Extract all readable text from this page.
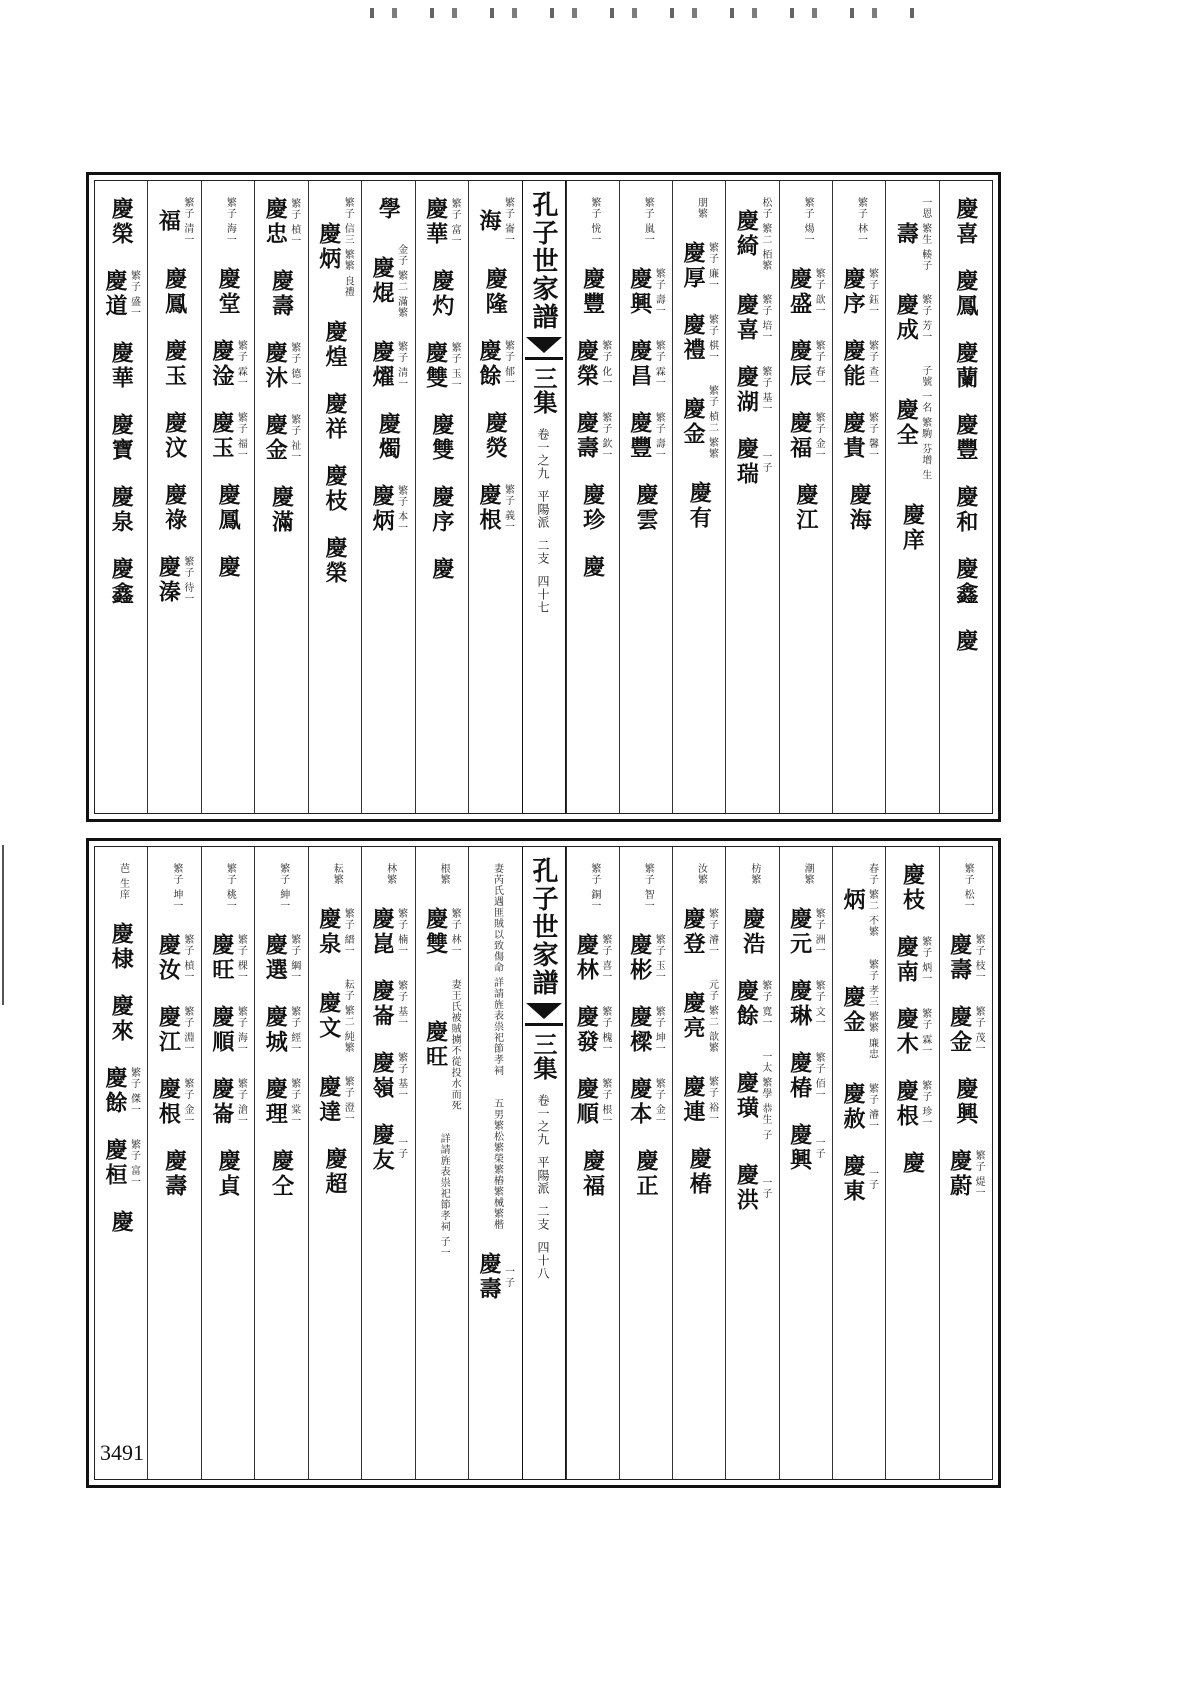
慶喜
慶鳳
慶蘭
慶豐
慶和
慶鑫
慶
壽 一恩 繁生 輳子
慶成 繁子 芳一
慶全 子號 一名 繁駒 芬增 生
慶庠
繁子 林一
慶序 繁子 鈺一
慶能 繁子 查一
慶貴 繁子 馨一
慶海
繁子 煬一
慶盛 繁子 歆一
慶辰 繁子 春一
慶福 繁子 金一
慶江
慶綺 松子 繁二 栢繁
慶喜 繁子 培一
慶湖 繁子 基一
慶瑞 一子
朋繁
慶厚 繁子 廉一
慶禮 繁子 棋一
慶金 繁子 楨二 繁繁
慶有
繁子 嵐一
慶興 繁子 壽一
慶昌 繁子 霖一
慶豐 繁子 壽一
慶雲
繁子 恱一
慶豐
慶榮 繁子 化一
慶壽 繁子 欽一
慶珍
慶
孔子世家譜
三集
卷一之九平陽派二支四十七
海 繁子 崙一
慶隆
慶餘 繁子 郁一
慶熒
慶根 繁子 義一
慶華 繁子 富一
慶灼
慶雙 繁子 玉一
慶雙
慶序
慶
學
慶焜 金子 繁二 滿繁
慶燿 繁子 清一
慶燭
慶炳 繁子 本一
慶炳 繁子 信三 繁繁 良禮
慶煌
慶祥
慶枝
慶榮
慶忠 繁子 楨一
慶壽
慶沐 繁子 德一
慶金 繁子 祉一
慶滿
繁子 海一
慶堂
慶淦 繁子 霖一
慶玉 繁子 福一
慶鳳
慶
福 繁子 清一
慶鳳
慶玉
慶汶
慶祿
慶溱 繁子 待一
慶榮
慶道 繁子 盛一
慶華
慶寶
慶泉
慶鑫
繁子 松一
慶壽 繁子 枝一
慶金 繁子 茂一
慶興
慶蔚 繁子 煶一
慶枝
慶南 繁子 炳一
慶木 繁子 霖一
慶根 繁子 珍一
慶
炳 春子 繁二 不繁
慶金 繁子 孝三 繁繁 廉忠
慶赦 繁子 濬一
慶東 一子
潮繁
慶元 繁子 洲一
慶琳 繁子 文一
慶椿 繁子 佰一
慶興 一子
枋繁
慶浩
慶餘 繁子 寬一
慶璜 一太 繁學 恭生 子
慶洪 一子
汝繁
慶登 繁子 濬一
慶亮 元子 繁二 歆繁
慶連 繁子 裕一
慶椿
繁子 智一
慶彬 繁子 玉一
慶樑 繁子 坤一
慶本 繁子 金一
慶正
繁子 銅一
慶林 繁子 喜一
慶發 繁子 槐一
慶順 繁子 根一
慶福
孔子世家譜
三集
卷一之九平陽派二支四十八
妻芮氏遇匪賊以致傷命 詳請旌表祟祀節孝祠
五男繁松繁榮繁樁繁械繁楷
慶壽 一子
根繁
慶雙 繁子 林一
慶旺 妻王氏被賊擄不從投水而死
詳請旌表祟祀節孝祠 子一
林繁
慶崑 繁子 楠一
慶崙 繁子 基一
慶嶺 繁子 基一
慶友 一子
耘繁
慶泉 繁子 縉一
慶文 耘子 繁二 純繁
慶達 繁子 澄一
慶超
繁子 紳一
慶選 繁子 綱一
慶城 繁子 經一
慶理 繁子 棠一
慶仝
繁子 桃一
慶旺 繁子 棵一
慶順 繁子 海一
慶崙 繁子 滄一
慶貞
繁子 坤一
慶汝 繁子 楨一
慶江 繁子 淵一
慶根 繁子 金一
慶壽
芭 生庠
慶棣
慶來
慶餘 繁子 傑一
慶桓 繁子 富一
慶
3491
